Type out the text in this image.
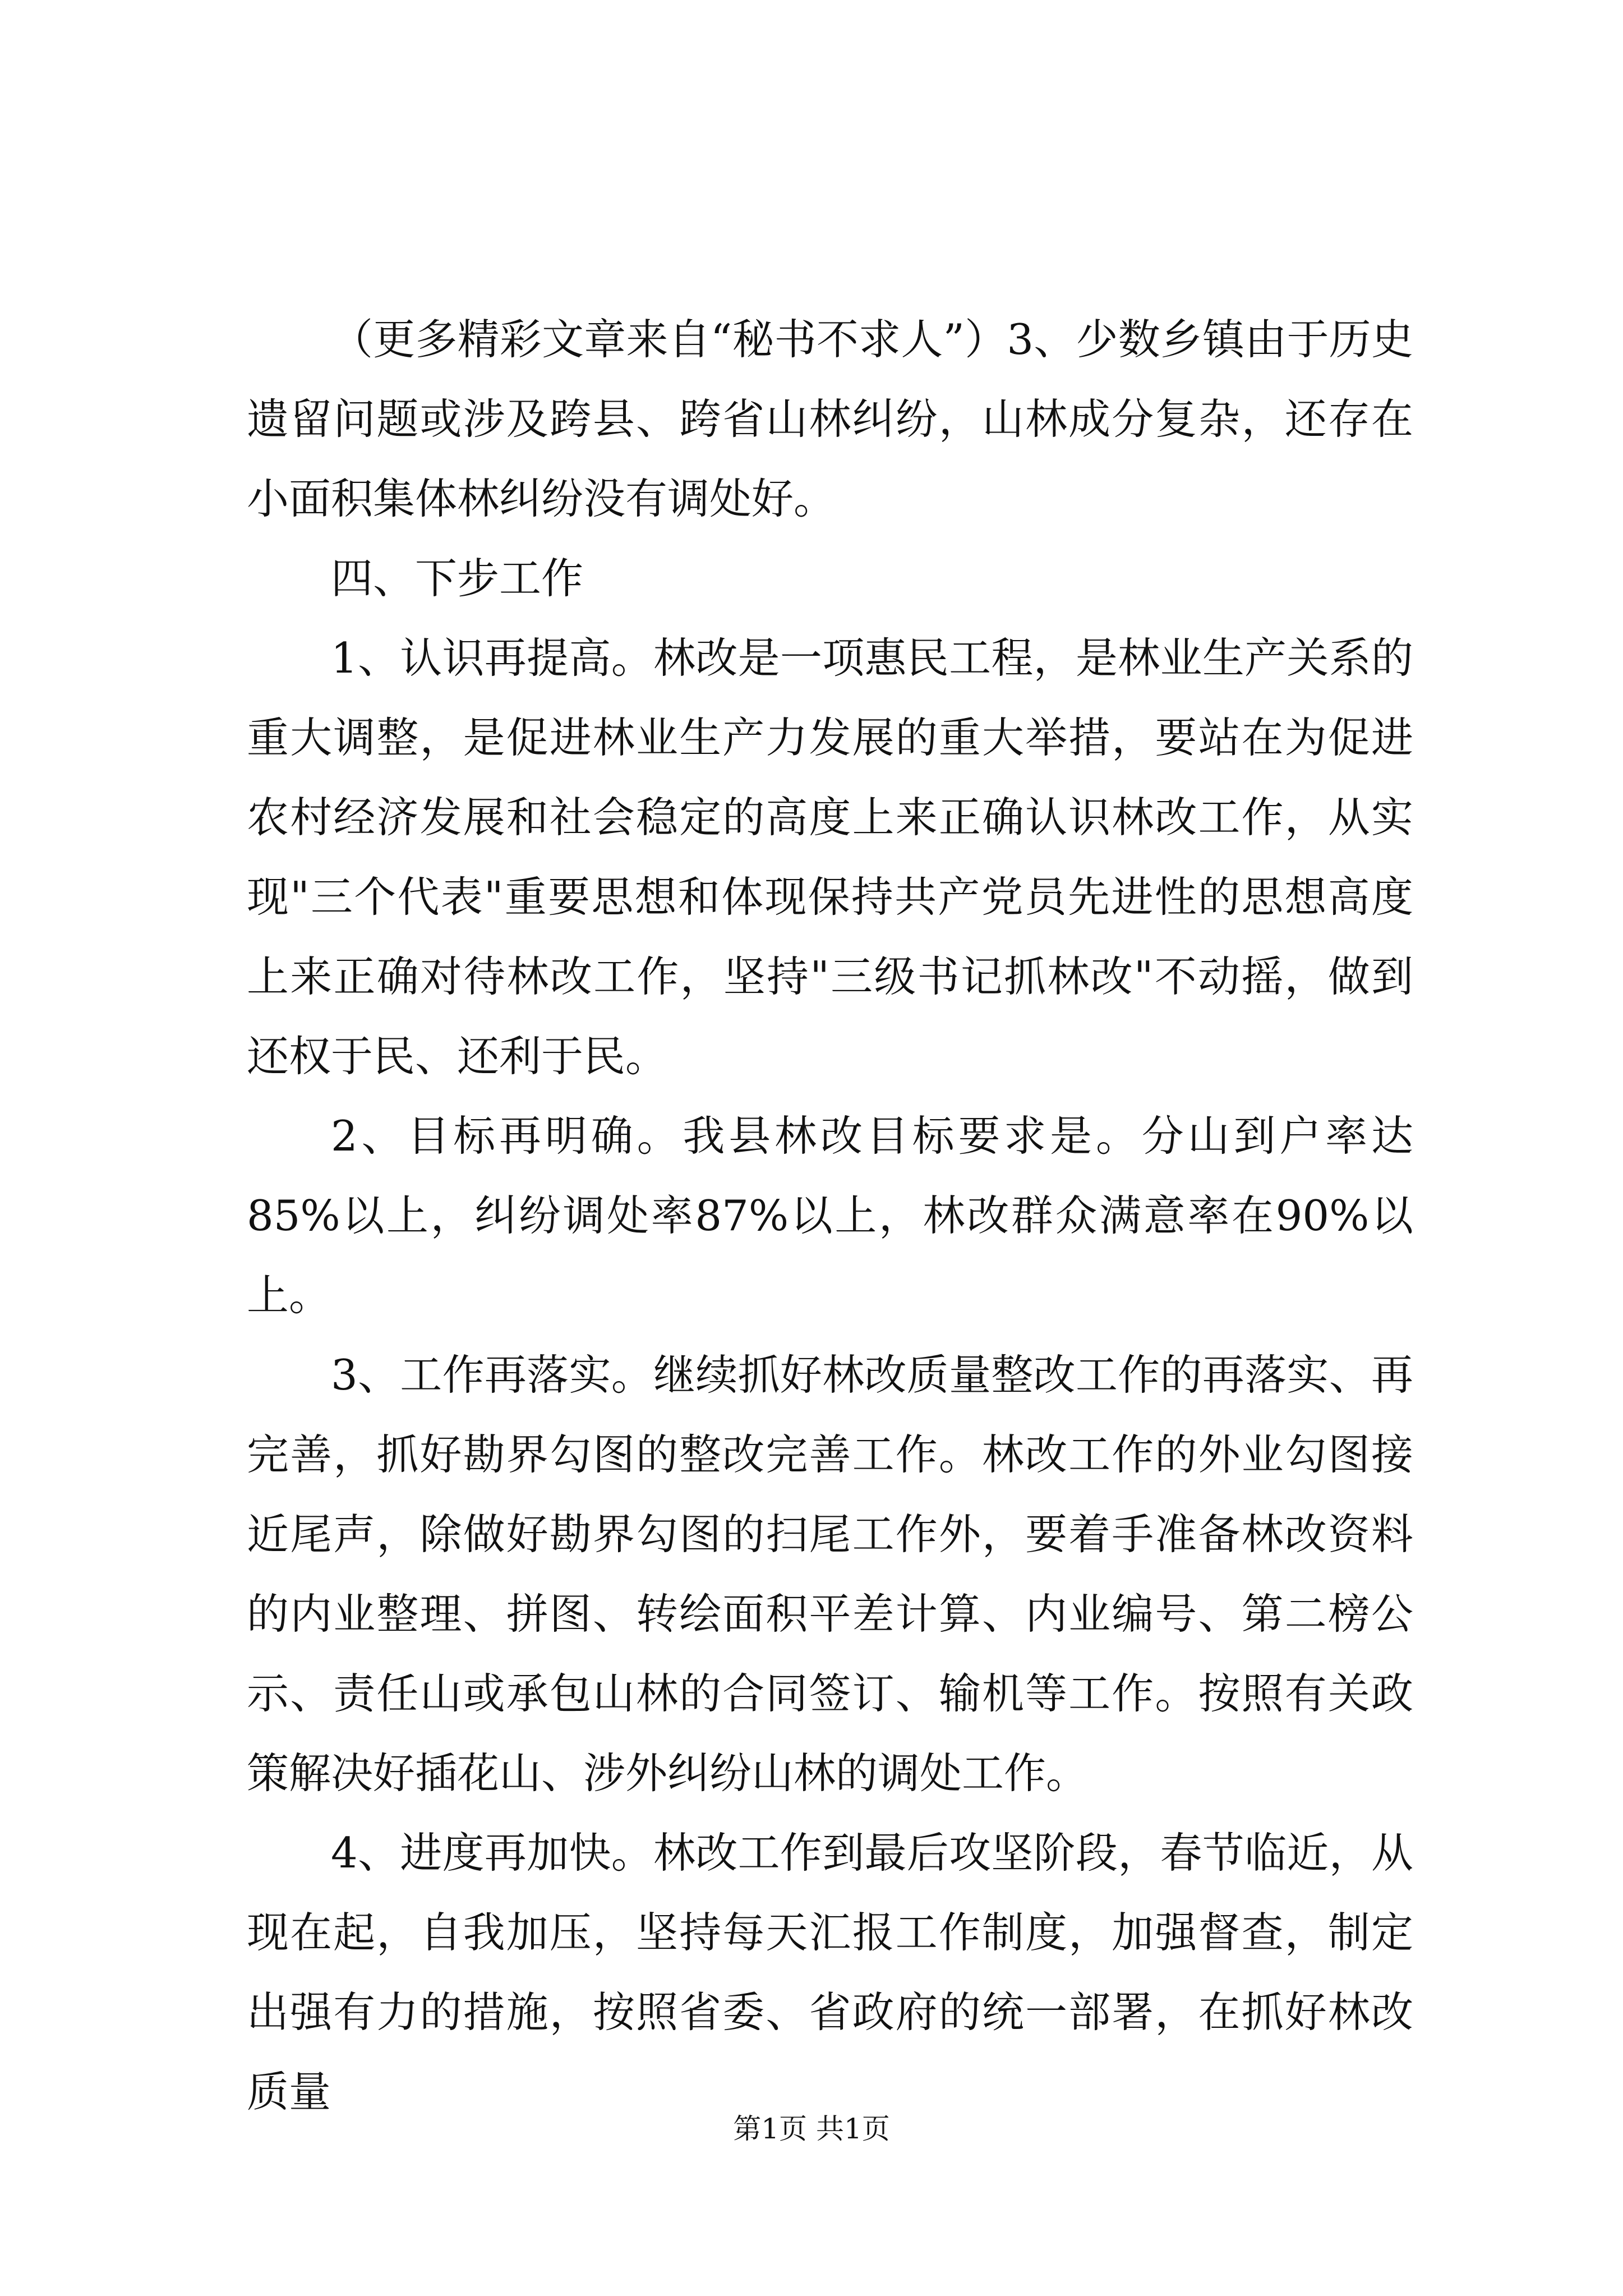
（更多精彩文章来自“秘书不求人”）3、少数乡镇由于历史遗留问题或涉及跨县、跨省山林纠纷，山林成分复杂，还存在小面积集体林纠纷没有调处好。

四、下步工作

1、认识再提高。林改是一项惠民工程，是林业生产关系的重大调整，是促进林业生产力发展的重大举措，要站在为促进农村经济发展和社会稳定的高度上来正确认识林改工作，从实现"三个代表"重要思想和体现保持共产党员先进性的思想高度上来正确对待林改工作，坚持"三级书记抓林改"不动摇，做到还权于民、还利于民。

2、目标再明确。我县林改目标要求是。分山到户率达85%以上，纠纷调处率87%以上，林改群众满意率在90%以上。

3、工作再落实。继续抓好林改质量整改工作的再落实、再完善，抓好勘界勾图的整改完善工作。林改工作的外业勾图接近尾声，除做好勘界勾图的扫尾工作外，要着手准备林改资料的内业整理、拼图、转绘面积平差计算、内业编号、第二榜公示、责任山或承包山林的合同签订、输机等工作。按照有关政策解决好插花山、涉外纠纷山林的调处工作。

4、进度再加快。林改工作到最后攻坚阶段，春节临近，从现在起，自我加压，坚持每天汇报工作制度，加强督查，制定出强有力的措施，按照省委、省政府的统一部署，在抓好林改质量

第1页 共1页
